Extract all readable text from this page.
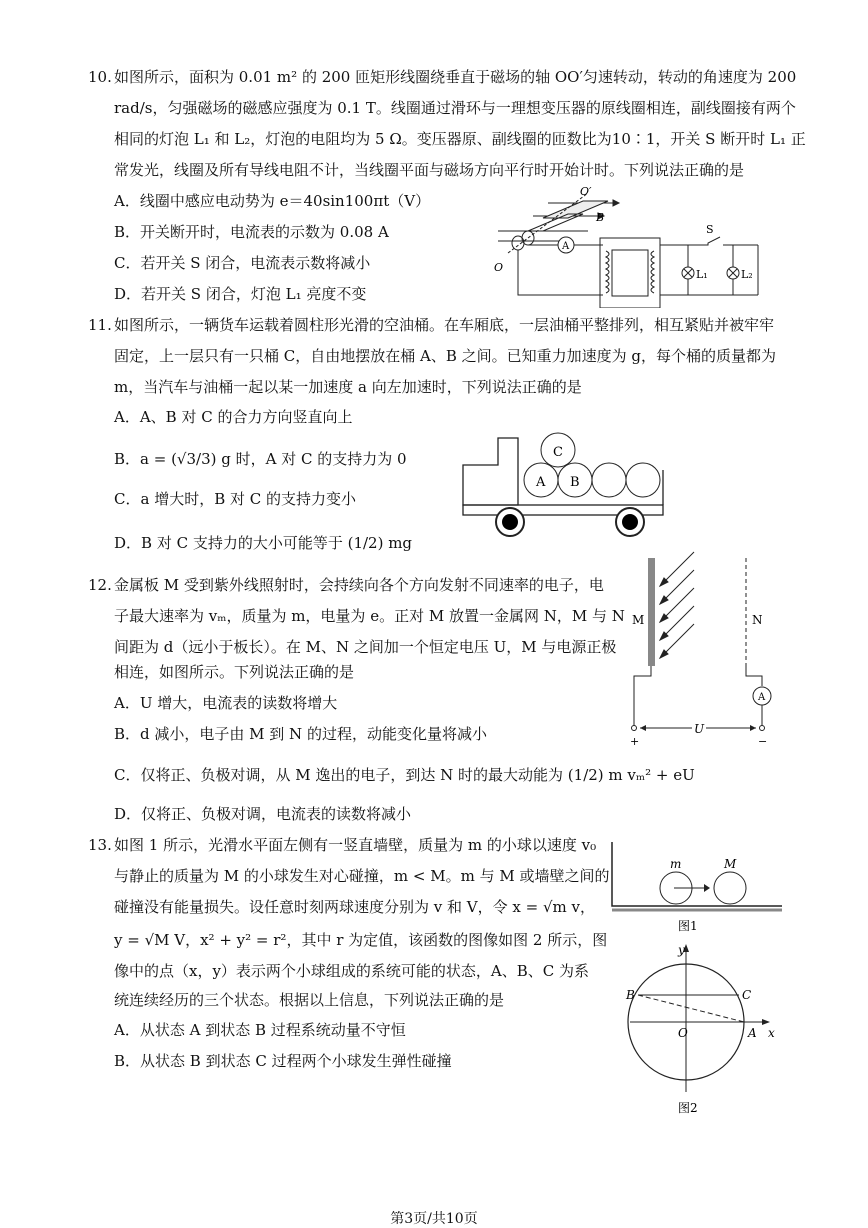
10. 如图所示，面积为 0.01 m² 的 200 匝矩形线圈绕垂直于磁场的轴 OO′匀速转动，转动的角速度为 200
rad/s，匀强磁场的磁感应强度为 0.1 T。线圈通过滑环与一理想变压器的原线圈相连，副线圈接有两个
相同的灯泡 L₁ 和 L₂，灯泡的电阻均为 5 Ω。变压器原、副线圈的匝数比为10∶1，开关 S 断开时 L₁ 正
常发光，线圈及所有导线电阻不计，当线圈平面与磁场方向平行时开始计时。下列说法正确的是
A．线圈中感应电动势为 e＝40sin100πt（V）
B．开关断开时，电流表的示数为 0.08 A
C．若开关 S 闭合，电流表示数将减小
D．若开关 S 闭合，灯泡 L₁ 亮度不变
O′
B
O
A
S
L₁	L₂
11. 如图所示，一辆货车运载着圆柱形光滑的空油桶。在车厢底，一层油桶平整排列，相互紧贴并被牢牢
固定，上一层只有一只桶 C，自由地摆放在桶 A、B 之间。已知重力加速度为 g，每个桶的质量都为
m，当汽车与油桶一起以某一加速度 a 向左加速时，下列说法正确的是
A．A、B 对 C 的合力方向竖直向上
B．a = (√3/3) g 时，A 对 C 的支持力为 0
C．a 增大时，B 对 C 的支持力变小
D．B 对 C 支持力的大小可能等于 (1/2) mg
C
A B
12. 金属板 M 受到紫外线照射时，会持续向各个方向发射不同速率的电子，电
子最大速率为 vₘ，质量为 m，电量为 e。正对 M 放置一金属网 N，M 与 N
间距为 d（远小于板长）。在 M、N 之间加一个恒定电压 U，M 与电源正极
相连，如图所示。下列说法正确的是
A．U 增大，电流表的读数将增大
B．d 减小，电子由 M 到 N 的过程，动能变化量将减小
C．仅将正、负极对调，从 M 逸出的电子，到达 N 时的最大动能为 (1/2) m vₘ² + eU
D．仅将正、负极对调，电流表的读数将减小
M	N
A
U
+	−
13. 如图 1 所示，光滑水平面左侧有一竖直墙壁，质量为 m 的小球以速度 v₀
与静止的质量为 M 的小球发生对心碰撞，m < M。m 与 M 或墙壁之间的
碰撞没有能量损失。设任意时刻两球速度分别为 v 和 V，令 x = √m v，
y = √M V，x² + y² = r²，其中 r 为定值，该函数的图像如图 2 所示，图
像中的点（x，y）表示两个小球组成的系统可能的状态，A、B、C 为系
统连续经历的三个状态。根据以上信息，下列说法正确的是
A．从状态 A 到状态 B 过程系统动量不守恒
B．从状态 B 到状态 C 过程两个小球发生弹性碰撞
m	M
图1
y
x
O	A
B	C
图2
第3页/共10页
